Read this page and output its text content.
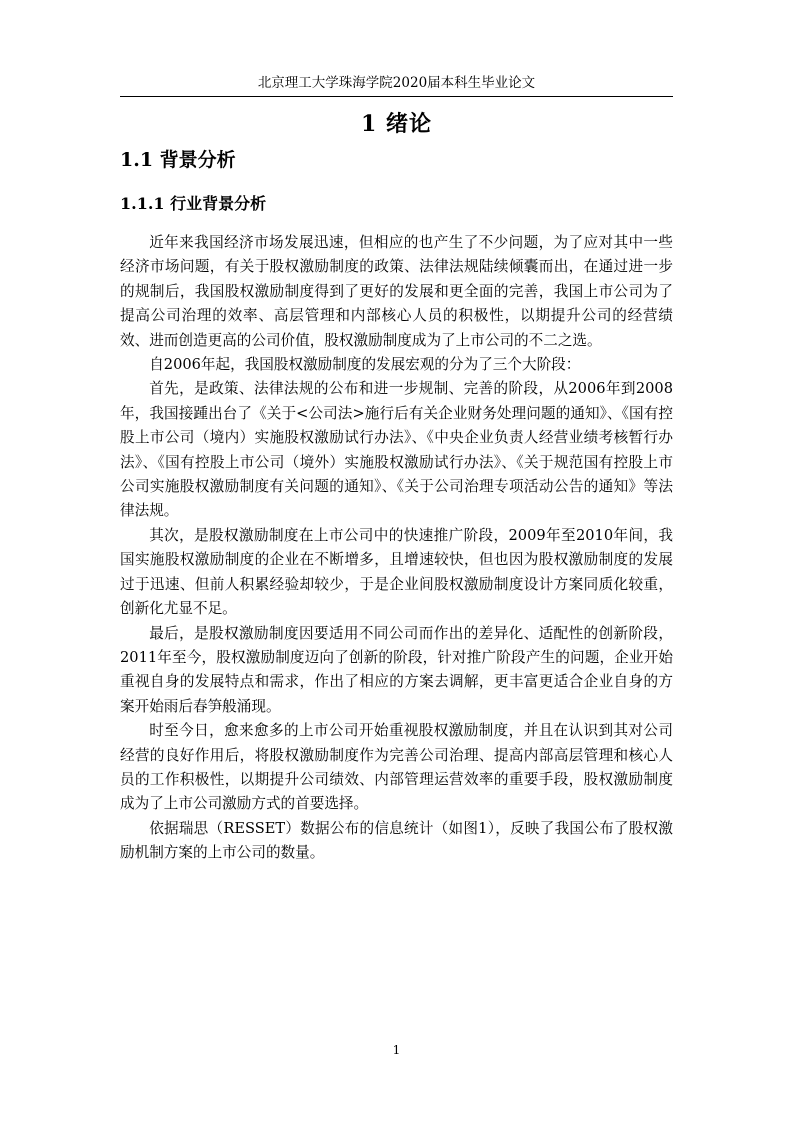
北京理工大学珠海学院2020届本科生毕业论文
1 绪论
1.1 背景分析
1.1.1 行业背景分析

近年来我国经济市场发展迅速，但相应的也产生了不少问题，为了应对其中一些经济市场问题，有关于股权激励制度的政策、法律法规陆续倾囊而出，在通过进一步的规制后，我国股权激励制度得到了更好的发展和更全面的完善，我国上市公司为了提高公司治理的效率、高层管理和内部核心人员的积极性，以期提升公司的经营绩效、进而创造更高的公司价值，股权激励制度成为了上市公司的不二之选。

自2006年起，我国股权激励制度的发展宏观的分为了三个大阶段：

首先，是政策、法律法规的公布和进一步规制、完善的阶段，从2006年到2008年，我国接踵出台了《关于<公司法>施行后有关企业财务处理问题的通知》、《国有控股上市公司（境内）实施股权激励试行办法》、《中央企业负责人经营业绩考核暂行办法》、《国有控股上市公司（境外）实施股权激励试行办法》、《关于规范国有控股上市公司实施股权激励制度有关问题的通知》、《关于公司治理专项活动公告的通知》等法律法规。

其次，是股权激励制度在上市公司中的快速推广阶段，2009年至2010年间，我国实施股权激励制度的企业在不断增多，且增速较快，但也因为股权激励制度的发展过于迅速、但前人积累经验却较少，于是企业间股权激励制度设计方案同质化较重，创新化尤显不足。

最后，是股权激励制度因要适用不同公司而作出的差异化、适配性的创新阶段，2011年至今，股权激励制度迈向了创新的阶段，针对推广阶段产生的问题，企业开始重视自身的发展特点和需求，作出了相应的方案去调解，更丰富更适合企业自身的方案开始雨后春笋般涌现。

时至今日，愈来愈多的上市公司开始重视股权激励制度，并且在认识到其对公司经营的良好作用后，将股权激励制度作为完善公司治理、提高内部高层管理和核心人员的工作积极性，以期提升公司绩效、内部管理运营效率的重要手段，股权激励制度成为了上市公司激励方式的首要选择。

依据瑞思（RESSET）数据公布的信息统计（如图1），反映了我国公布了股权激励机制方案的上市公司的数量。

1
